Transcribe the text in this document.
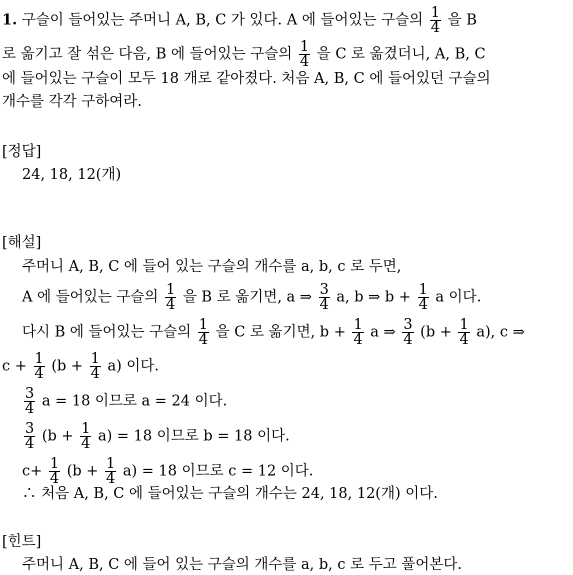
1. 구슬이 들어있는 주머니 A, B, C 가 있다. A 에 들어있는 구슬의 $\frac{1}{4}$ 을 B
로 옮기고 잘 섞은 다음, B 에 들어있는 구슬의 $\frac{1}{4}$ 을 C 로 옮겼더니, A, B, C
에 들어있는 구슬이 모두 18 개로 같아졌다. 처음 A, B, C 에 들어있던 구슬의
개수를 각각 구하여라.
[정답]
24, 18, 12(개)
[해설]
주머니 A, B, C 에 들어 있는 구슬의 개수를 a, b, c 로 두면,
A 에 들어있는 구슬의 $\frac{1}{4}$ 을 B 로 옮기면, a ⇒ $\frac{3}{4} a$, b ⇒ $b + \frac{1}{4}$ a 이다.
다시 B 에 들어있는 구슬의 $\frac{1}{4}$ 을 C 로 옮기면, $b + \frac{1}{4}$ a ⇒ $\frac{3}{4} (b + \frac{1}{4} a)$, c ⇒
$c + \frac{1}{4} (b + \frac{1}{4} a)$ 이다.
$\frac{3}{4}$ a = 18 이므로 a = 24 이다.
$\frac{3}{4} (b + \frac{1}{4} a) = 18$ 이므로 b = 18 이다.
$c+ \frac{1}{4} (b + \frac{1}{4} a) = 18$ 이므로 c = 12 이다.
∴ 처음 A, B, C 에 들어있는 구슬의 개수는 24, 18, 12(개) 이다.
[힌트]
주머니 A, B, C 에 들어 있는 구슬의 개수를 a, b, c 로 두고 풀어본다.
